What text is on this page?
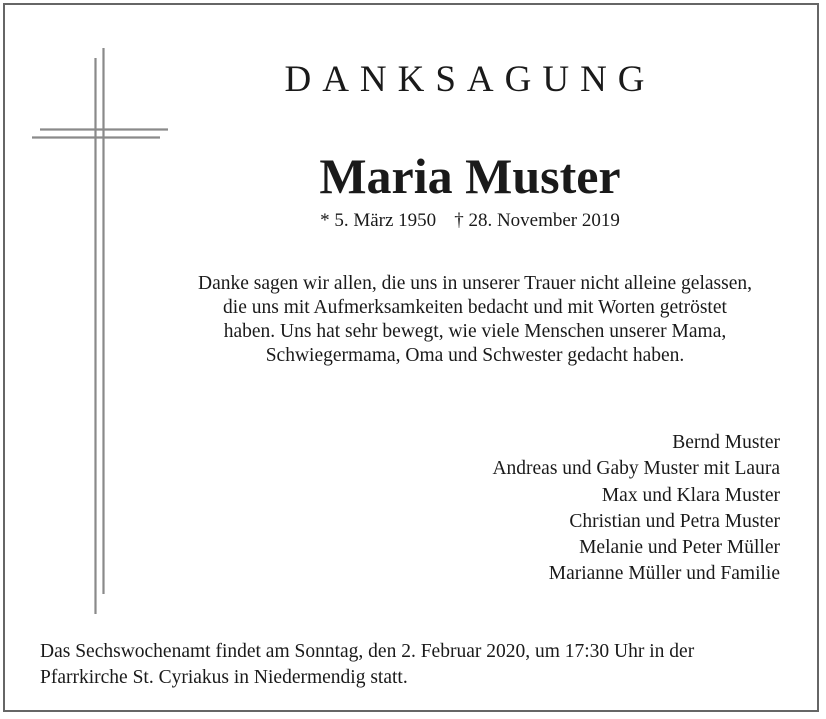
DANKSAGUNG
Maria Muster
* 5. März 1950 † 28. November 2019
Danke sagen wir allen, die uns in unserer Trauer nicht alleine gelassen,
die uns mit Aufmerksamkeiten bedacht und mit Worten getröstet
haben. Uns hat sehr bewegt, wie viele Menschen unserer Mama,
Schwiegermama, Oma und Schwester gedacht haben.
Bernd Muster
Andreas und Gaby Muster mit Laura
Max und Klara Muster
Christian und Petra Muster
Melanie und Peter Müller
Marianne Müller und Familie
Das Sechswochenamt findet am Sonntag, den 2. Februar 2020, um 17:30 Uhr in der
Pfarrkirche St. Cyriakus in Niedermendig statt.
